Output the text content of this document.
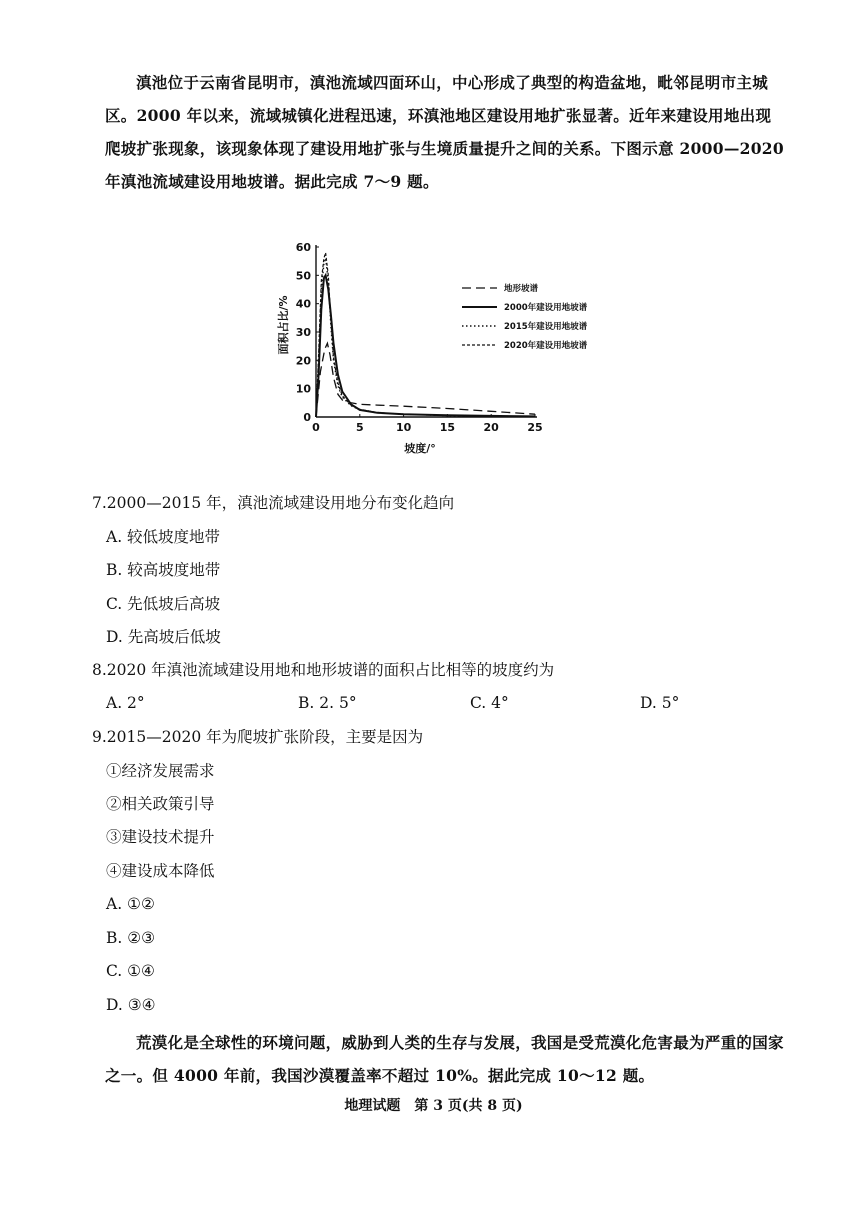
滇池位于云南省昆明市，滇池流域四面环山，中心形成了典型的构造盆地，毗邻昆明市主城区。2000 年以来，流域城镇化进程迅速，环滇池地区建设用地扩张显著。近年来建设用地出现爬坡扩张现象，该现象体现了建设用地扩张与生境质量提升之间的关系。下图示意 2000—2020 年滇池流域建设用地坡谱。据此完成 7～9 题。

0	5	10	15	20	25
0
10
20
30
40
50
60
地形坡谱
2000年建设用地坡谱
2015年建设用地坡谱
2020年建设用地坡谱
坡度/°
面积占比/%

7.2000—2015 年，滇池流域建设用地分布变化趋向

A. 较低坡度地带

B. 较高坡度地带

C. 先低坡后高坡

D. 先高坡后低坡

8.2020 年滇池流域建设用地和地形坡谱的面积占比相等的坡度约为

A. 2°	B. 2. 5°	C. 4°	D. 5°

9.2015—2020 年为爬坡扩张阶段，主要是因为

①经济发展需求

②相关政策引导

③建设技术提升

④建设成本降低

A. ①②

B. ②③

C. ①④

D. ③④

荒漠化是全球性的环境问题，威胁到人类的生存与发展，我国是受荒漠化危害最为严重的国家之一。但 4000 年前，我国沙漠覆盖率不超过 10%。据此完成 10～12 题。

地理试题　第 3 页(共 8 页)
